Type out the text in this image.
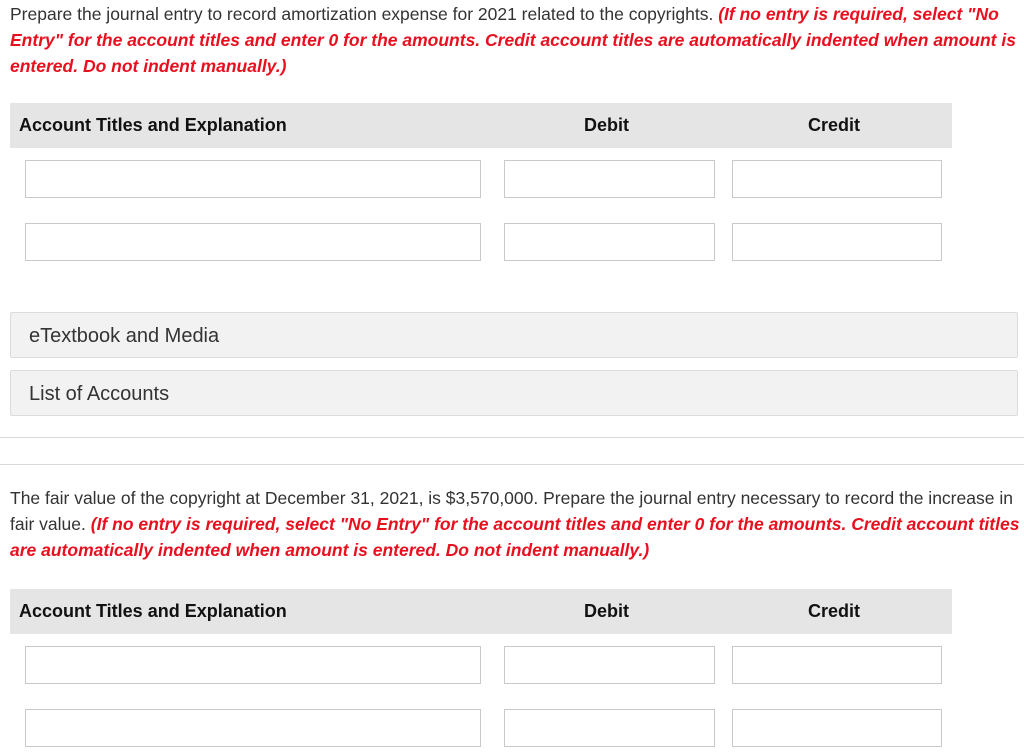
Prepare the journal entry to record amortization expense for 2021 related to the copyrights. (If no entry is required, select "No Entry" for the account titles and enter 0 for the amounts. Credit account titles are automatically indented when amount is entered. Do not indent manually.)
Account Titles and Explanation	Debit	Credit
eTextbook and Media
List of Accounts
The fair value of the copyright at December 31, 2021, is $3,570,000. Prepare the journal entry necessary to record the increase in fair value. (If no entry is required, select "No Entry" for the account titles and enter 0 for the amounts. Credit account titles are automatically indented when amount is entered. Do not indent manually.)
Account Titles and Explanation	Debit	Credit
